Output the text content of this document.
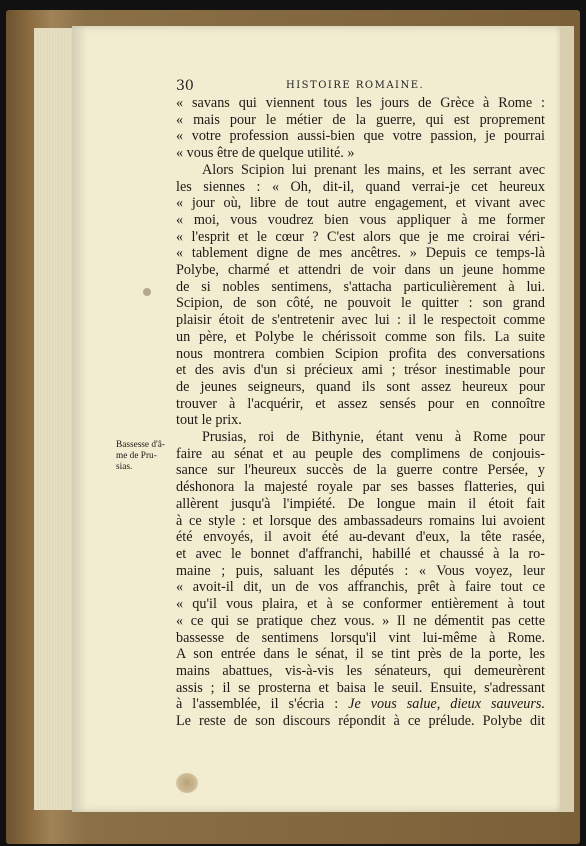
30	HISTOIRE ROMAINE.
Bassesse d'â-
me de Pru-
sias.
« savans qui viennent tous les jours de Grèce à Rome :
« mais pour le métier de la guerre, qui est proprement
« votre profession aussi-bien que votre passion, je pourrai
« vous être de quelque utilité. »
Alors Scipion lui prenant les mains, et les serrant avec
les siennes : « Oh, dit-il, quand verrai-je cet heureux
« jour où, libre de tout autre engagement, et vivant avec
« moi, vous voudrez bien vous appliquer à me former
« l'esprit et le cœur ? C'est alors que je me croirai véri-
« tablement digne de mes ancêtres. » Depuis ce temps-là
Polybe, charmé et attendri de voir dans un jeune homme
de si nobles sentimens, s'attacha particulièrement à lui.
Scipion, de son côté, ne pouvoit le quitter : son grand
plaisir étoit de s'entretenir avec lui : il le respectoit comme
un père, et Polybe le chérissoit comme son fils. La suite
nous montrera combien Scipion profita des conversations
et des avis d'un si précieux ami ; trésor inestimable pour
de jeunes seigneurs, quand ils sont assez heureux pour
trouver à l'acquérir, et assez sensés pour en connoître
tout le prix.
Prusias, roi de Bithynie, étant venu à Rome pour
faire au sénat et au peuple des complimens de conjouis-
sance sur l'heureux succès de la guerre contre Persée, y
déshonora la majesté royale par ses basses flatteries, qui
allèrent jusqu'à l'impiété. De longue main il étoit fait
à ce style : et lorsque des ambassadeurs romains lui avoient
été envoyés, il avoit été au-devant d'eux, la tête rasée,
et avec le bonnet d'affranchi, habillé et chaussé à la ro-
maine ; puis, saluant les députés : « Vous voyez, leur
« avoit-il dit, un de vos affranchis, prêt à faire tout ce
« qu'il vous plaira, et à se conformer entièrement à tout
« ce qui se pratique chez vous. » Il ne démentit pas cette
bassesse de sentimens lorsqu'il vint lui-même à Rome.
A son entrée dans le sénat, il se tint près de la porte, les
mains abattues, vis-à-vis les sénateurs, qui demeurèrent
assis ; il se prosterna et baisa le seuil. Ensuite, s'adressant
à l'assemblée, il s'écria : Je vous salue, dieux sauveurs.
Le reste de son discours répondit à ce prélude. Polybe dit
